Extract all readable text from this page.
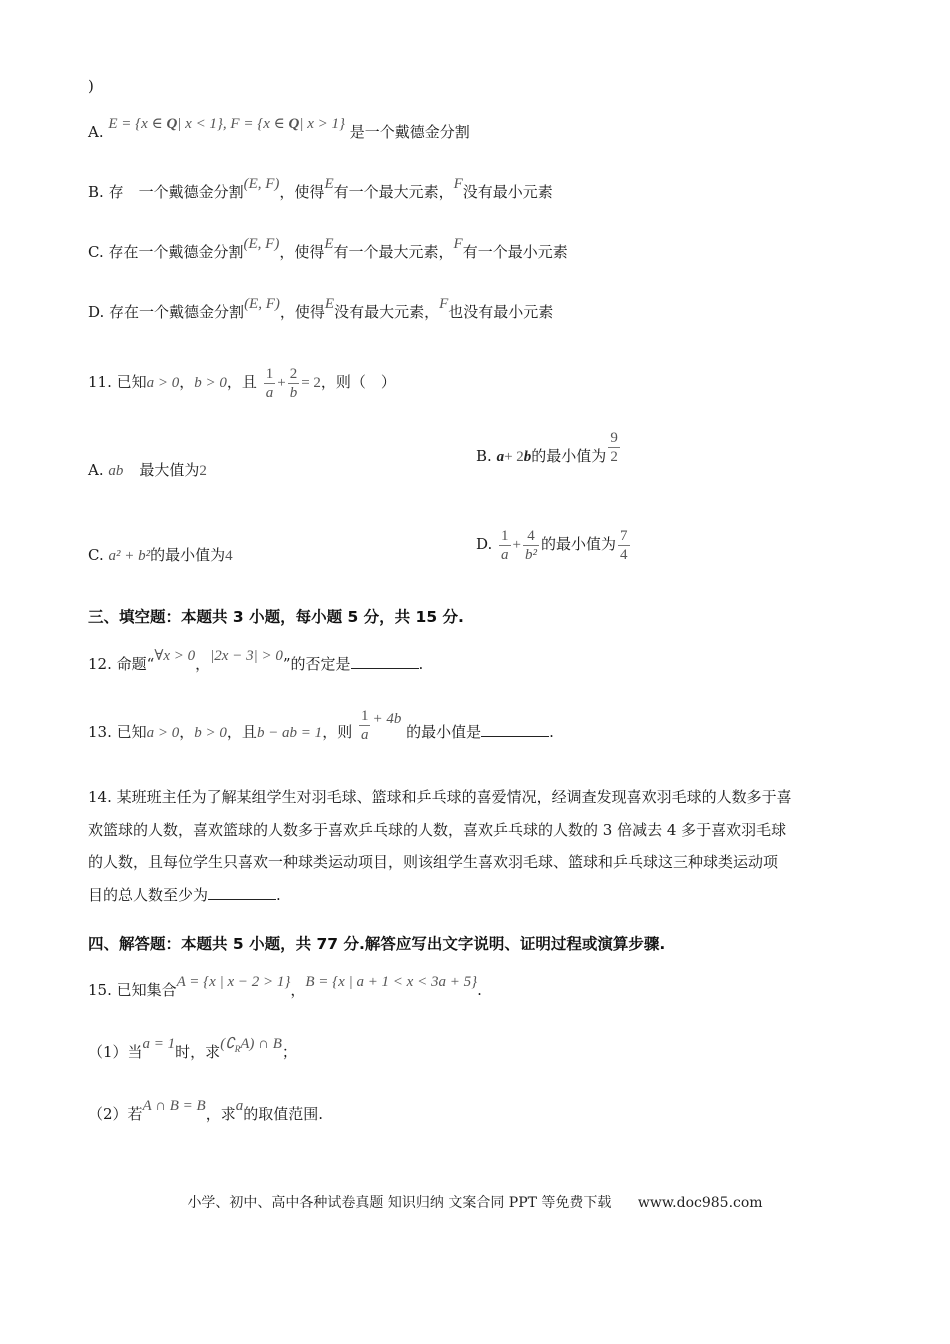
)
A. E = {x ∈ Q| x < 1}, F = {x ∈ Q| x > 1} 是一个戴德金分割
B. 存　一个戴德金分割(E, F)，使得E有一个最大元素，F没有最小元素
C. 存在一个戴德金分割(E, F)，使得E有一个最大元素，F有一个最小元素
D. 存在一个戴德金分割(E, F)，使得E没有最大元素，F也没有最小元素
11. 已知a > 0，b > 0，且 $\frac{1}{a} + \frac{2}{b} = 2$，则（　）
A. ab 最大值为2
B. a+ 2b的最小值为 $\frac{9}{2}$
C. a² + b²的最小值为4
D. $\frac{1}{a} + \frac{4}{\text{b²}}$ 的最小值为 $\frac{7}{4}$
三、填空题：本题共 3 小题，每小题 5 分，共 15 分.
12. 命题“∀x > 0，|2x − 3| > 0”的否定是	.
13. 已知a > 0，b > 0，且b − ab = 1，则 $\frac{1}{a} + 4b$ 的最小值是	.
14. 某班班主任为了解某组学生对羽毛球、篮球和乒乓球的喜爱情况，经调查发现喜欢羽毛球的人数多于喜
欢篮球的人数，喜欢篮球的人数多于喜欢乒乓球的人数，喜欢乒乓球的人数的 3 倍减去 4 多于喜欢羽毛球
的人数，且每位学生只喜欢一种球类运动项目，则该组学生喜欢羽毛球、篮球和乒乓球这三种球类运动项
目的总人数至少为	.
四、解答题：本题共 5 小题，共 77 分.解答应写出文字说明、证明过程或演算步骤.
15. 已知集合A = {x | x − 2 > 1}，B = {x | a + 1 < x < 3a + 5}.
（1）当a = 1时，求$(∁_RA)$ ∩ B；
（2）若A ∩ B = B，求a的取值范围.
小学、初中、高中各种试卷真题 知识归纳 文案合同 PPT 等免费下载 www.doc985.com
